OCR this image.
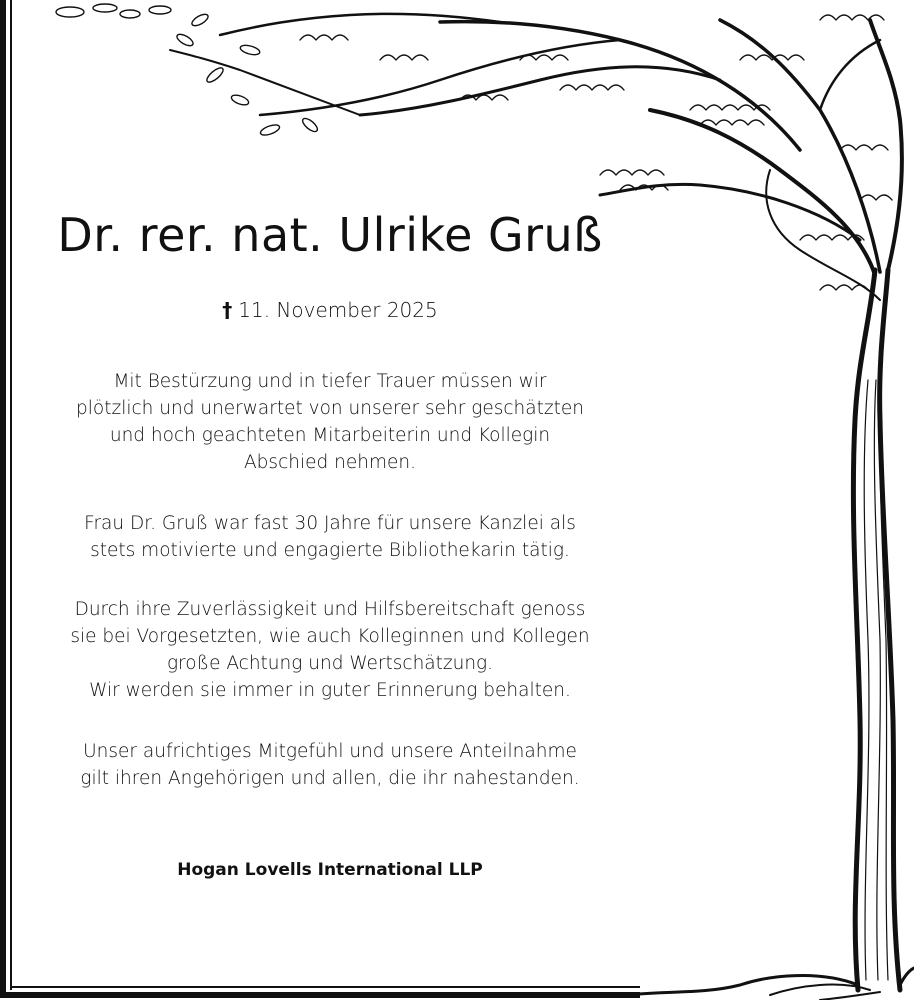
Dr. rer. nat. Ulrike Gruß
† 11. November 2025
Mit Bestürzung und in tiefer Trauer müssen wir
plötzlich und unerwartet von unserer sehr geschätzten
und hoch geachteten Mitarbeiterin und Kollegin
Abschied nehmen.
Frau Dr. Gruß war fast 30 Jahre für unsere Kanzlei als
stets motivierte und engagierte Bibliothekarin tätig.
Durch ihre Zuverlässigkeit und Hilfsbereitschaft genoss
sie bei Vorgesetzten, wie auch Kolleginnen und Kollegen
große Achtung und Wertschätzung.
Wir werden sie immer in guter Erinnerung behalten.
Unser aufrichtiges Mitgefühl und unsere Anteilnahme
gilt ihren Angehörigen und allen, die ihr nahestanden.
Hogan Lovells International LLP
